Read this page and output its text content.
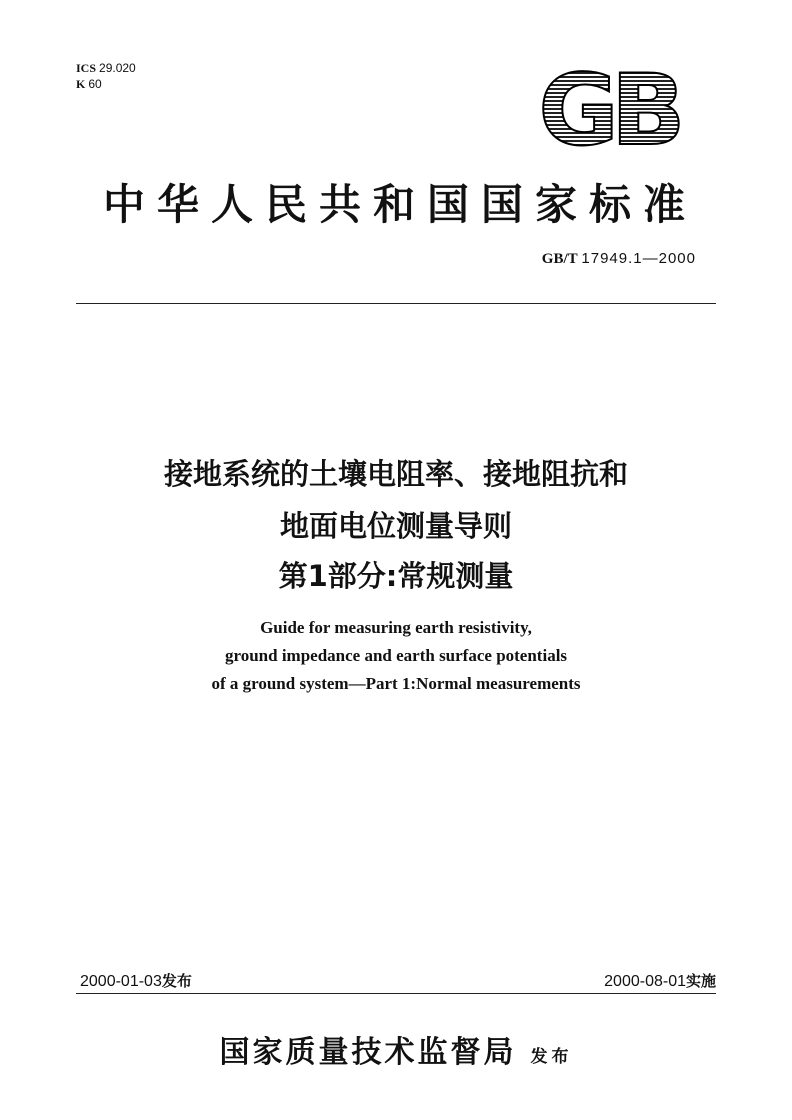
ICS 29.020
K 60	GB
中华人民共和国国家标准
GB/T 17949.1—2000
接地系统的土壤电阻率、接地阻抗和
地面电位测量导则
第1部分:常规测量
Guide for measuring earth resistivity,
ground impedance and earth surface potentials
of a ground system—Part 1:Normal measurements
2000-01-03发布	2000-08-01实施
国家质量技术监督局 发布
